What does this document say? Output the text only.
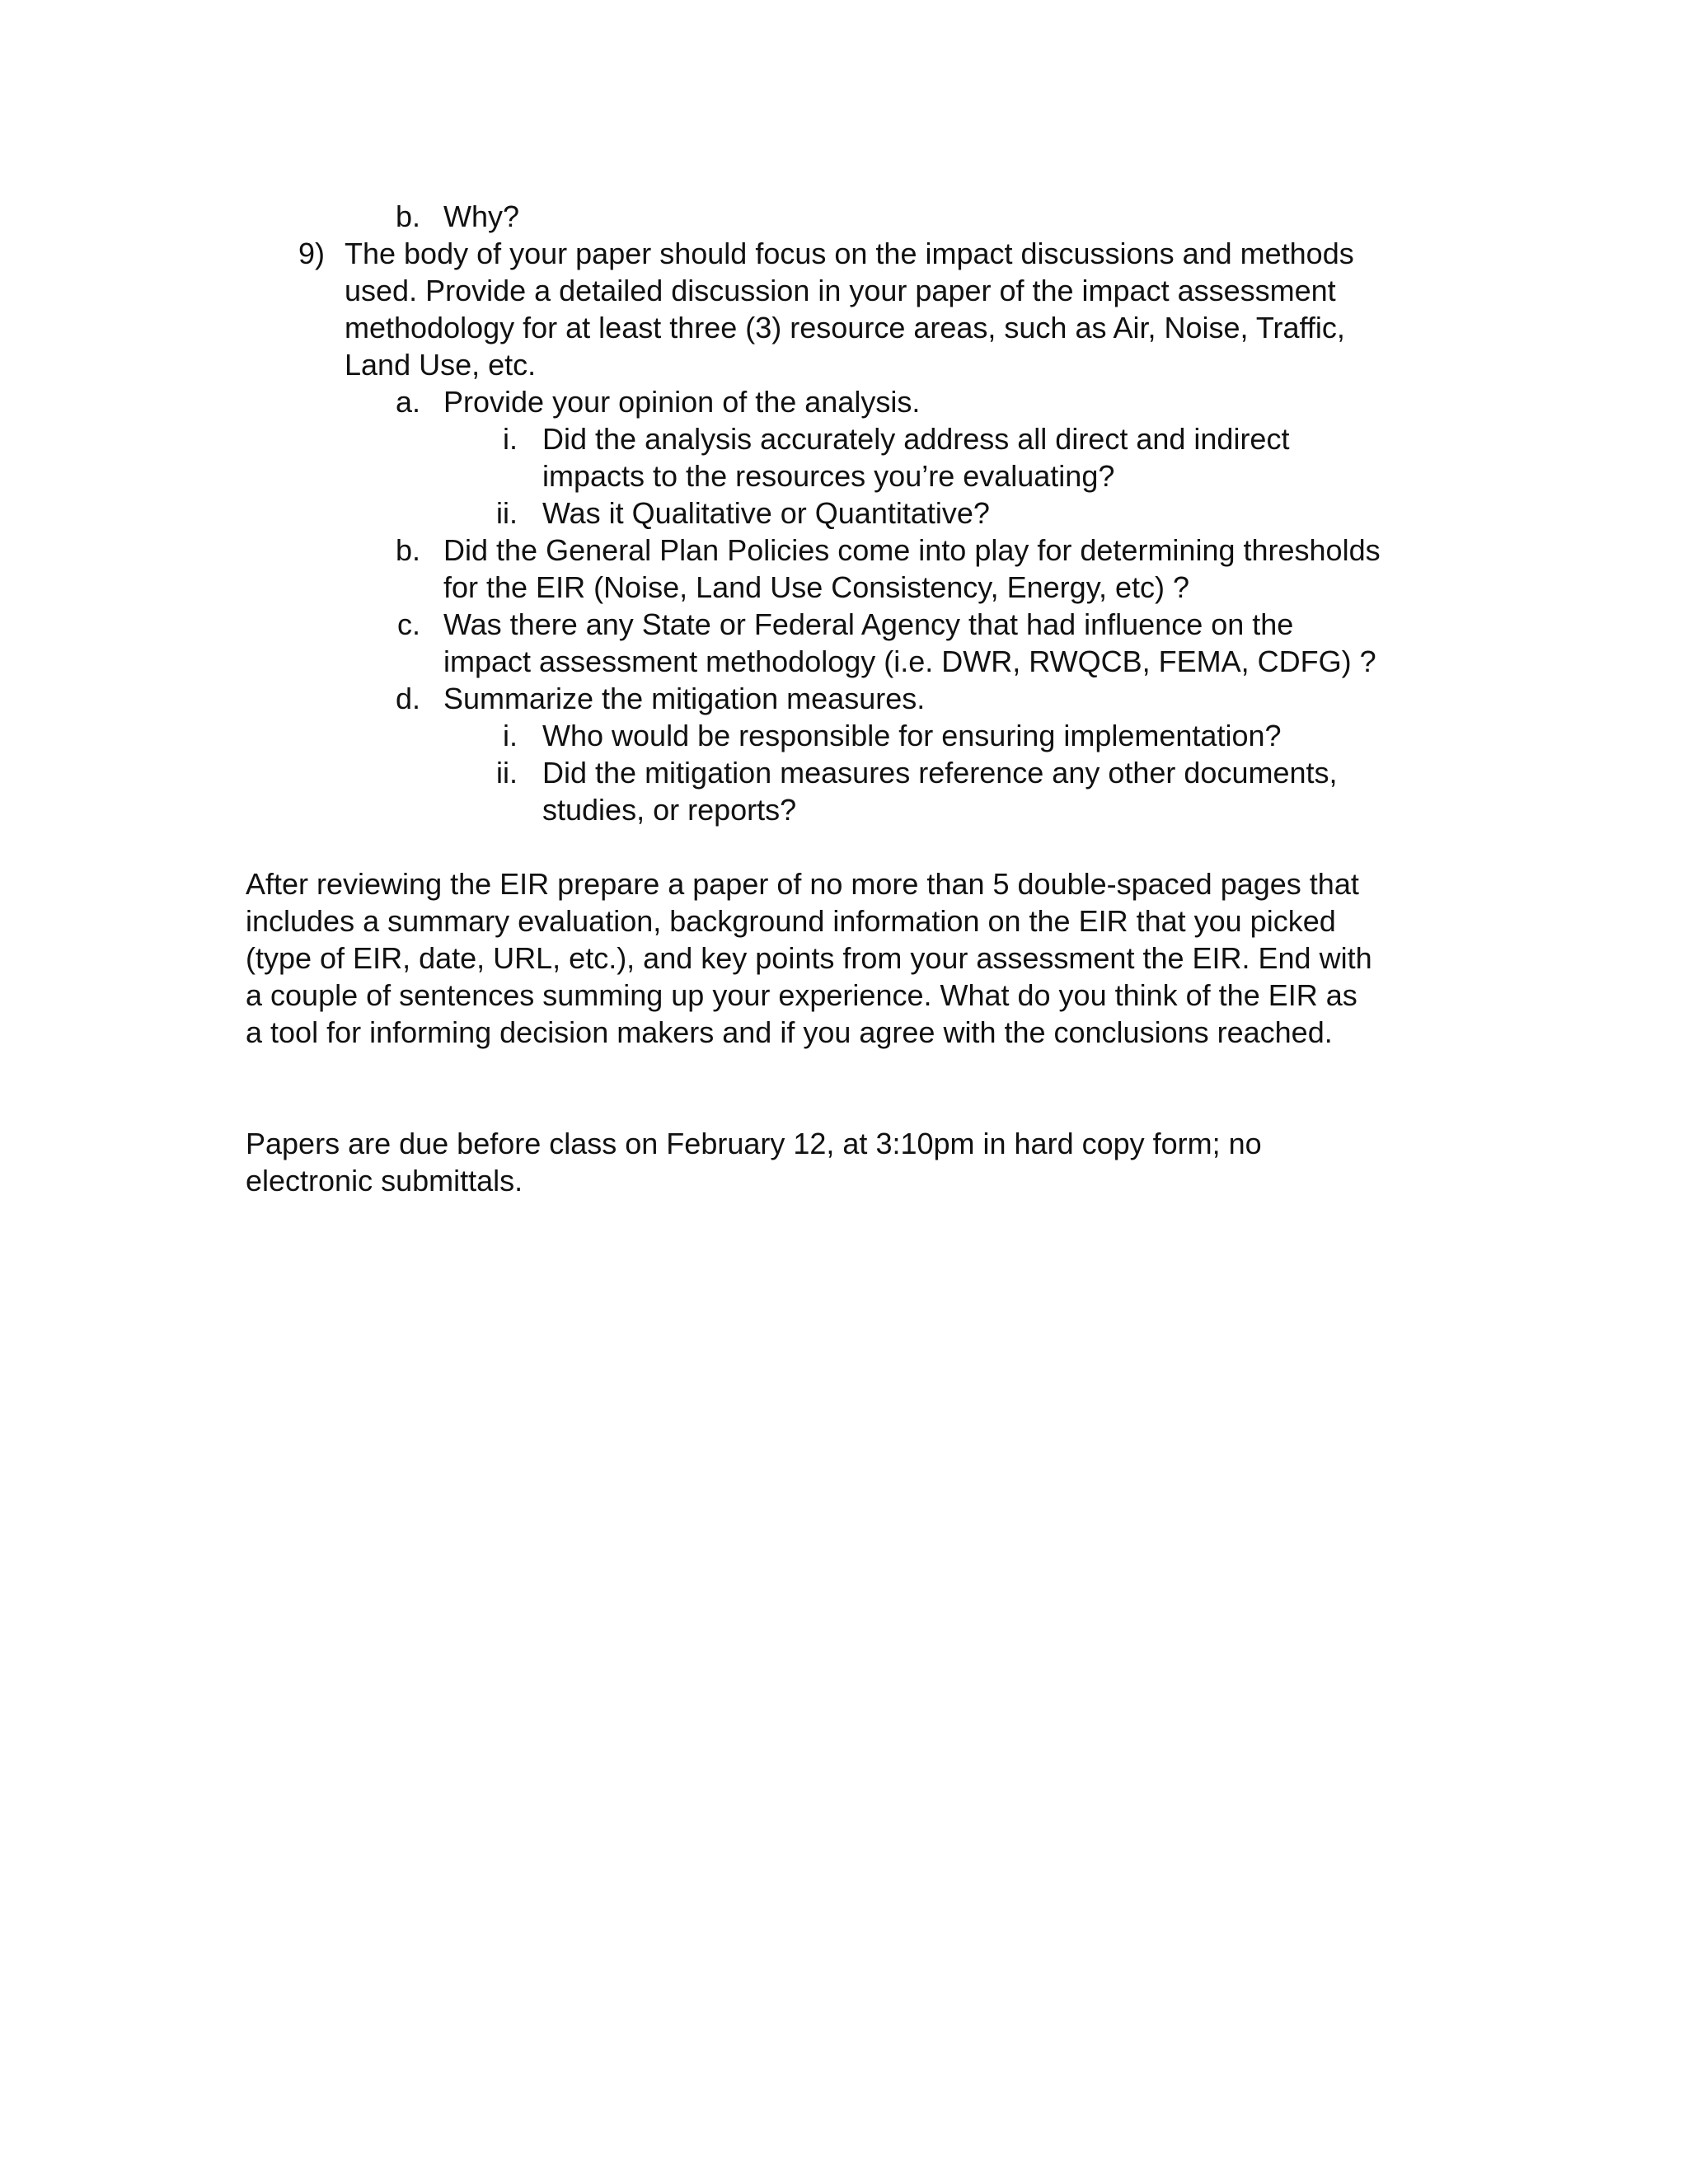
b. Why?
9) The body of your paper should focus on the impact discussions and methods
used. Provide a detailed discussion in your paper of the impact assessment
methodology for at least three (3) resource areas, such as Air, Noise, Traffic,
Land Use, etc.
a. Provide your opinion of the analysis.
i. Did the analysis accurately address all direct and indirect
impacts to the resources you’re evaluating?
ii. Was it Qualitative or Quantitative?
b. Did the General Plan Policies come into play for determining thresholds
for the EIR (Noise, Land Use Consistency, Energy, etc) ?
c. Was there any State or Federal Agency that had influence on the
impact assessment methodology (i.e. DWR, RWQCB, FEMA, CDFG) ?
d. Summarize the mitigation measures.
i. Who would be responsible for ensuring implementation?
ii. Did the mitigation measures reference any other documents,
studies, or reports?
After reviewing the EIR prepare a paper of no more than 5 double-spaced pages that
includes a summary evaluation, background information on the EIR that you picked
(type of EIR, date, URL, etc.), and key points from your assessment the EIR. End with
a couple of sentences summing up your experience. What do you think of the EIR as
a tool for informing decision makers and if you agree with the conclusions reached.
Papers are due before class on February 12, at 3:10pm in hard copy form; no
electronic submittals.
